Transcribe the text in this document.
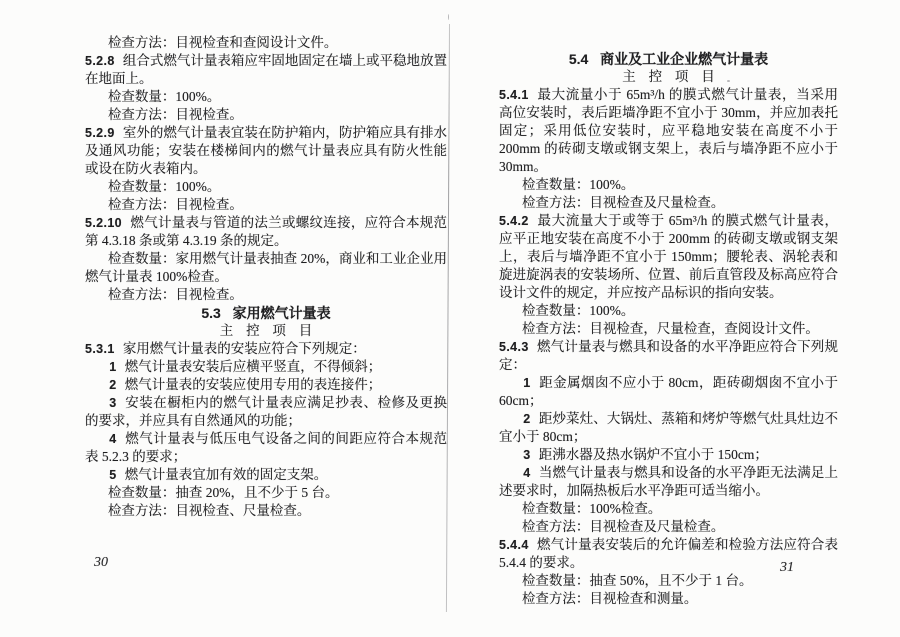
检查方法：目视检查和查阅设计文件。

5.2.8 组合式燃气计量表箱应牢固地固定在墙上或平稳地放置在地面上。

检查数量：100%。

检查方法：目视检查。

5.2.9 室外的燃气计量表宜装在防护箱内，防护箱应具有排水及通风功能；安装在楼梯间内的燃气计量表应具有防火性能或设在防火表箱内。

检查数量：100%。

检查方法：目视检查。

5.2.10 燃气计量表与管道的法兰或螺纹连接，应符合本规范第 4.3.18 条或第 4.3.19 条的规定。

检查数量：家用燃气计量表抽查 20%，商业和工业企业用燃气计量表 100%检查。

检查方法：目视检查。

5.3 家用燃气计量表

主控项目

5.3.1 家用燃气计量表的安装应符合下列规定：

1 燃气计量表安装后应横平竖直，不得倾斜；

2 燃气计量表的安装应使用专用的表连接件；

3 安装在橱柜内的燃气计量表应满足抄表、检修及更换的要求，并应具有自然通风的功能；

4 燃气计量表与低压电气设备之间的间距应符合本规范表 5.2.3 的要求；

5 燃气计量表宜加有效的固定支架。

检查数量：抽查 20%，且不少于 5 台。

检查方法：目视检查、尺量检查。

30

5.4 商业及工业企业燃气计量表

主控项目

5.4.1 最大流量小于 65m³/h 的膜式燃气计量表，当采用高位安装时，表后距墙净距不宜小于 30mm，并应加表托固定；采用低位安装时，应平稳地安装在高度不小于 200mm 的砖砌支墩或钢支架上，表后与墙净距不应小于 30mm。

检查数量：100%。

检查方法：目视检查及尺量检查。

5.4.2 最大流量大于或等于 65m³/h 的膜式燃气计量表，应平正地安装在高度不小于 200mm 的砖砌支墩或钢支架上，表后与墙净距不宜小于 150mm；腰轮表、涡轮表和旋进旋涡表的安装场所、位置、前后直管段及标高应符合设计文件的规定，并应按产品标识的指向安装。

检查数量：100%。

检查方法：目视检查，尺量检查，查阅设计文件。

5.4.3 燃气计量表与燃具和设备的水平净距应符合下列规定：

1 距金属烟囱不应小于 80cm，距砖砌烟囱不宜小于 60cm；

2 距炒菜灶、大锅灶、蒸箱和烤炉等燃气灶具灶边不宜小于 80cm；

3 距沸水器及热水锅炉不宜小于 150cm；

4 当燃气计量表与燃具和设备的水平净距无法满足上述要求时，加隔热板后水平净距可适当缩小。

检查数量：100%检查。

检查方法：目视检查及尺量检查。

5.4.4 燃气计量表安装后的允许偏差和检验方法应符合表 5.4.4 的要求。

检查数量：抽查 50%，且不少于 1 台。

检查方法：目视检查和测量。

31
